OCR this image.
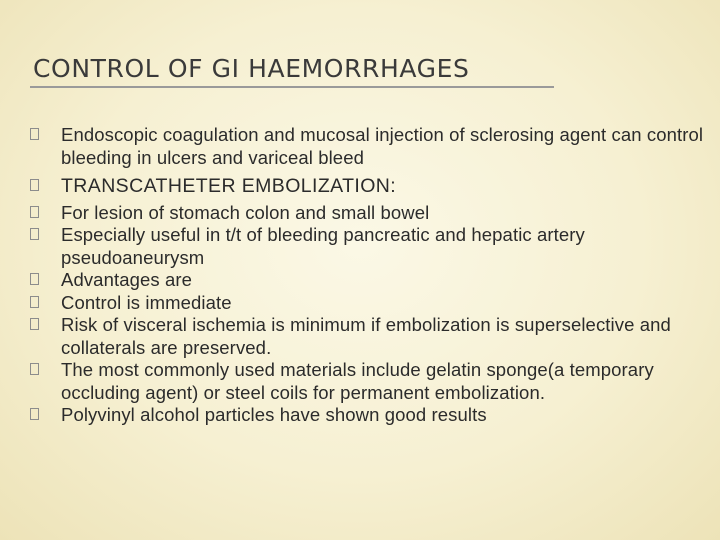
CONTROL OF GI HAEMORRHAGES
Endoscopic coagulation and mucosal injection of sclerosing agent can control bleeding in ulcers and variceal bleed
TRANSCATHETER EMBOLIZATION:
For lesion of stomach colon and small bowel
Especially useful in t/t of bleeding pancreatic and hepatic artery pseudoaneurysm
Advantages are
Control is immediate
Risk of visceral ischemia is minimum if embolization is superselective and collaterals are preserved.
The most commonly used materials include gelatin sponge(a temporary occluding agent) or steel coils for permanent embolization.
Polyvinyl alcohol particles have shown good results
